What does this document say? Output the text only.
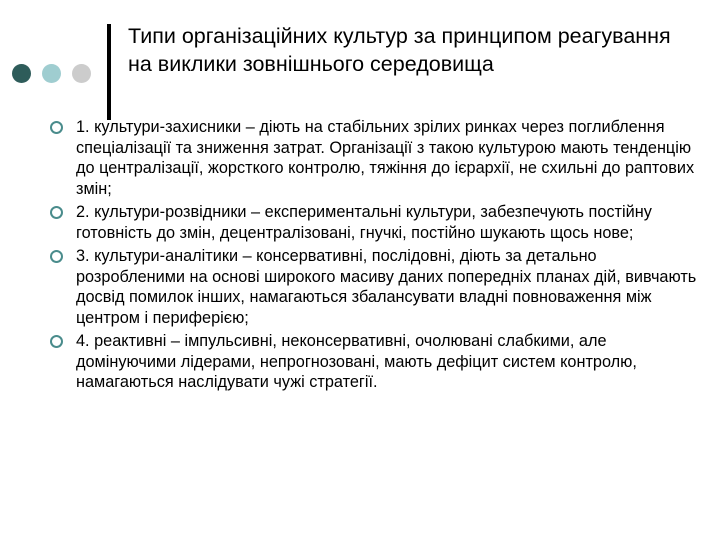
Типи організаційних культур за принципом реагування на виклики зовнішнього середовища
1. культури-захисники – діють на стабільних зрілих ринках через поглиблення спеціалізації та зниження затрат. Організації з такою культурою мають тенденцію до централізації, жорсткого контролю, тяжіння до ієрархії, не схильні до раптових змін;
2. культури-розвідники – експериментальні культури, забезпечують постійну готовність до змін, децентралізовані, гнучкі, постійно шукають щось нове;
3. культури-аналітики – консервативні, послідовні, діють за детально розробленими на основі широкого масиву даних попередніх планах дій, вивчають досвід помилок інших, намагаються збалансувати владні повноваження між центром і периферією;
4. реактивні – імпульсивні, неконсервативні, очолювані слабкими, але домінуючими лідерами, непрогнозовані, мають дефіцит систем контролю, намагаються наслідувати чужі стратегії.
